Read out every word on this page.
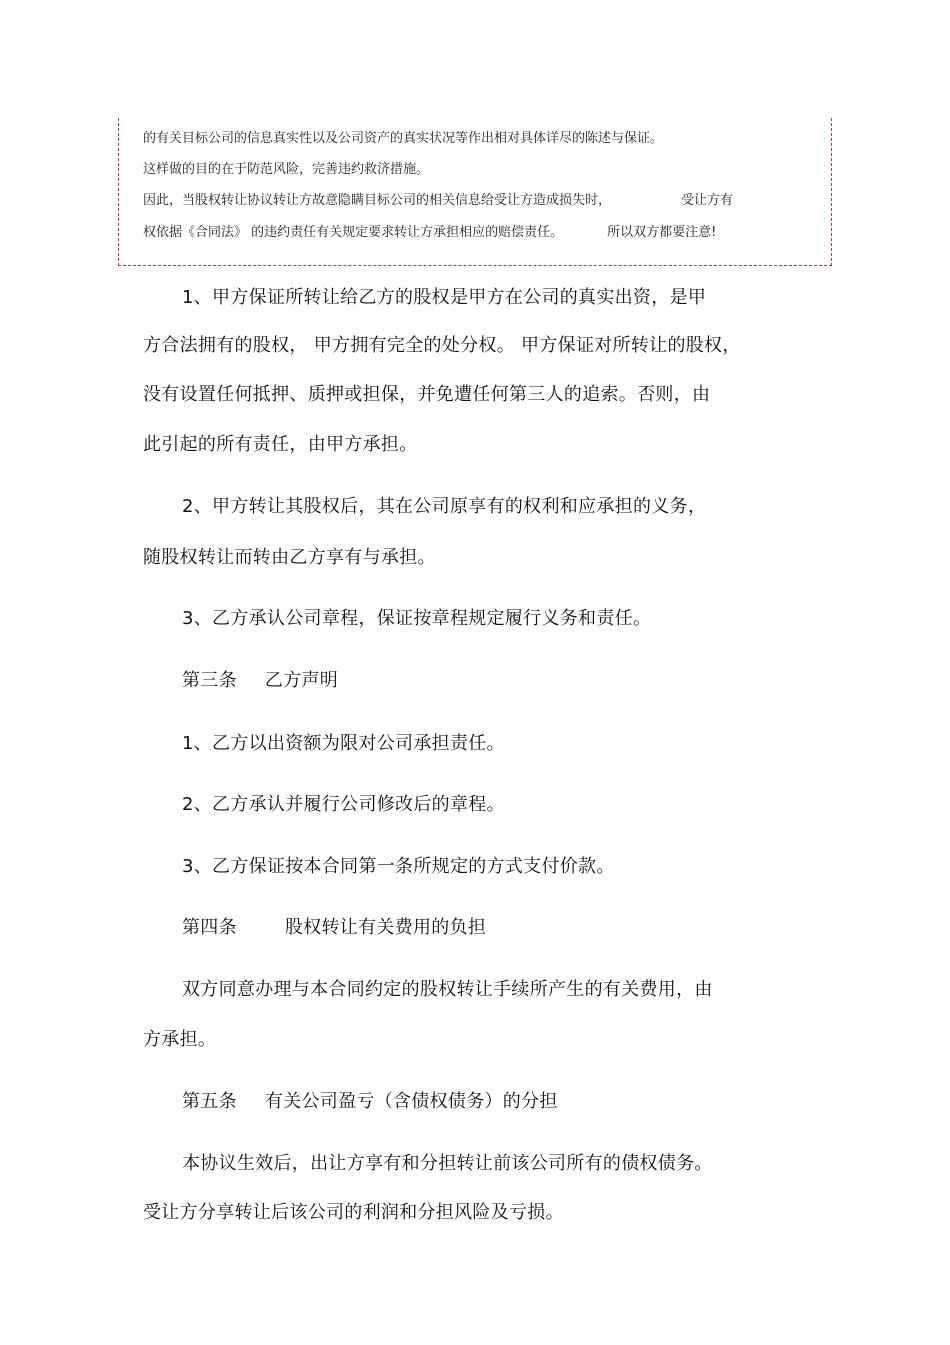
的有关目标公司的信息真实性以及公司资产的真实状况等作出相对具体详尽的陈述与保证。
这样做的目的在于防范风险，完善违约救济措施。
因此，当股权转让协议转让方故意隐瞒目标公司的相关信息给受让方造成损失时，	受让方有
权依据《合同法》 的违约责任有关规定要求转让方承担相应的赔偿责任。	所以双方都要注意!
1、甲方保证所转让给乙方的股权是甲方在公司的真实出资，是甲
方合法拥有的股权， 甲方拥有完全的处分权。 甲方保证对所转让的股权，
没有设置任何抵押、质押或担保，并免遭任何第三人的追索。否则，由
此引起的所有责任，由甲方承担。
2、甲方转让其股权后，其在公司原享有的权利和应承担的义务，
随股权转让而转由乙方享有与承担。
3、乙方承认公司章程，保证按章程规定履行义务和责任。
第三条 乙方声明
1、乙方以出资额为限对公司承担责任。
2、乙方承认并履行公司修改后的章程。
3、乙方保证按本合同第一条所规定的方式支付价款。
第四条	股权转让有关费用的负担
双方同意办理与本合同约定的股权转让手续所产生的有关费用，由
方承担。
第五条 有关公司盈亏（含债权债务）的分担
本协议生效后，出让方享有和分担转让前该公司所有的债权债务。
受让方分享转让后该公司的利润和分担风险及亏损。
